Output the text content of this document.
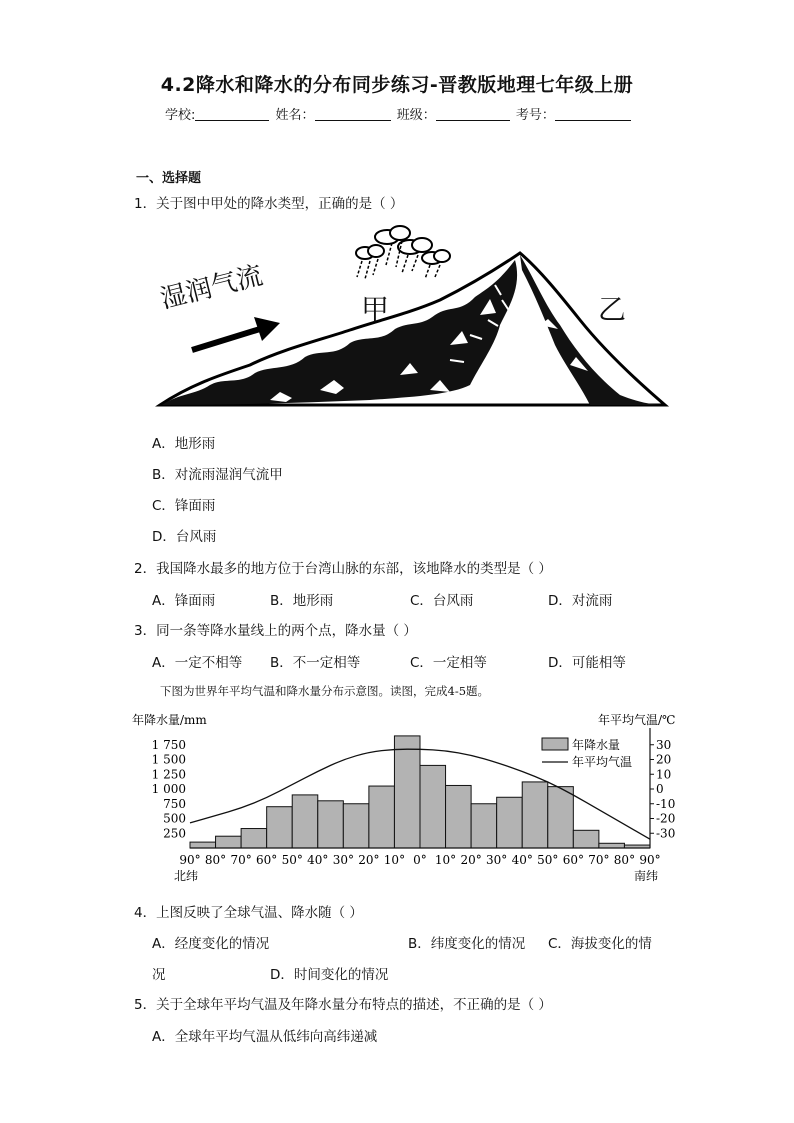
4.2降水和降水的分布同步练习-晋教版地理七年级上册
学校:	姓名：	班级：	考号：
一、选择题
1．关于图中甲处的降水类型，正确的是（ ）
湿润气流	甲	乙
A．地形雨
B．对流雨湿润气流甲
C．锋面雨
D．台风雨
2．我国降水最多的地方位于台湾山脉的东部，该地降水的类型是（ ）
A．锋面雨	B．地形雨	C．台风雨	D．对流雨
3．同一条等降水量线上的两个点，降水量（ ）
A．一定不相等 B．不一定相等	C．一定相等	D．可能相等
下图为世界年平均气温和降水量分布示意图。读图，完成4-5题。
年降水量/mm	年平均气温/℃
1 750
1 500
1 250
1 000
750
500
250
30
20
10
0
-10
-20
-30
90° 80° 70° 60° 50° 40° 30° 20° 10° 0° 10° 20° 30° 40° 50° 60° 70° 80° 90°
北纬	南纬
年降水量
年平均气温
4．上图反映了全球气温、降水随（ ）
A．经度变化的情况	B．纬度变化的情况 C．海拔变化的情
况	D．时间变化的情况
5．关于全球年平均气温及年降水量分布特点的描述，不正确的是（ ）
A．全球年平均气温从低纬向高纬递减
